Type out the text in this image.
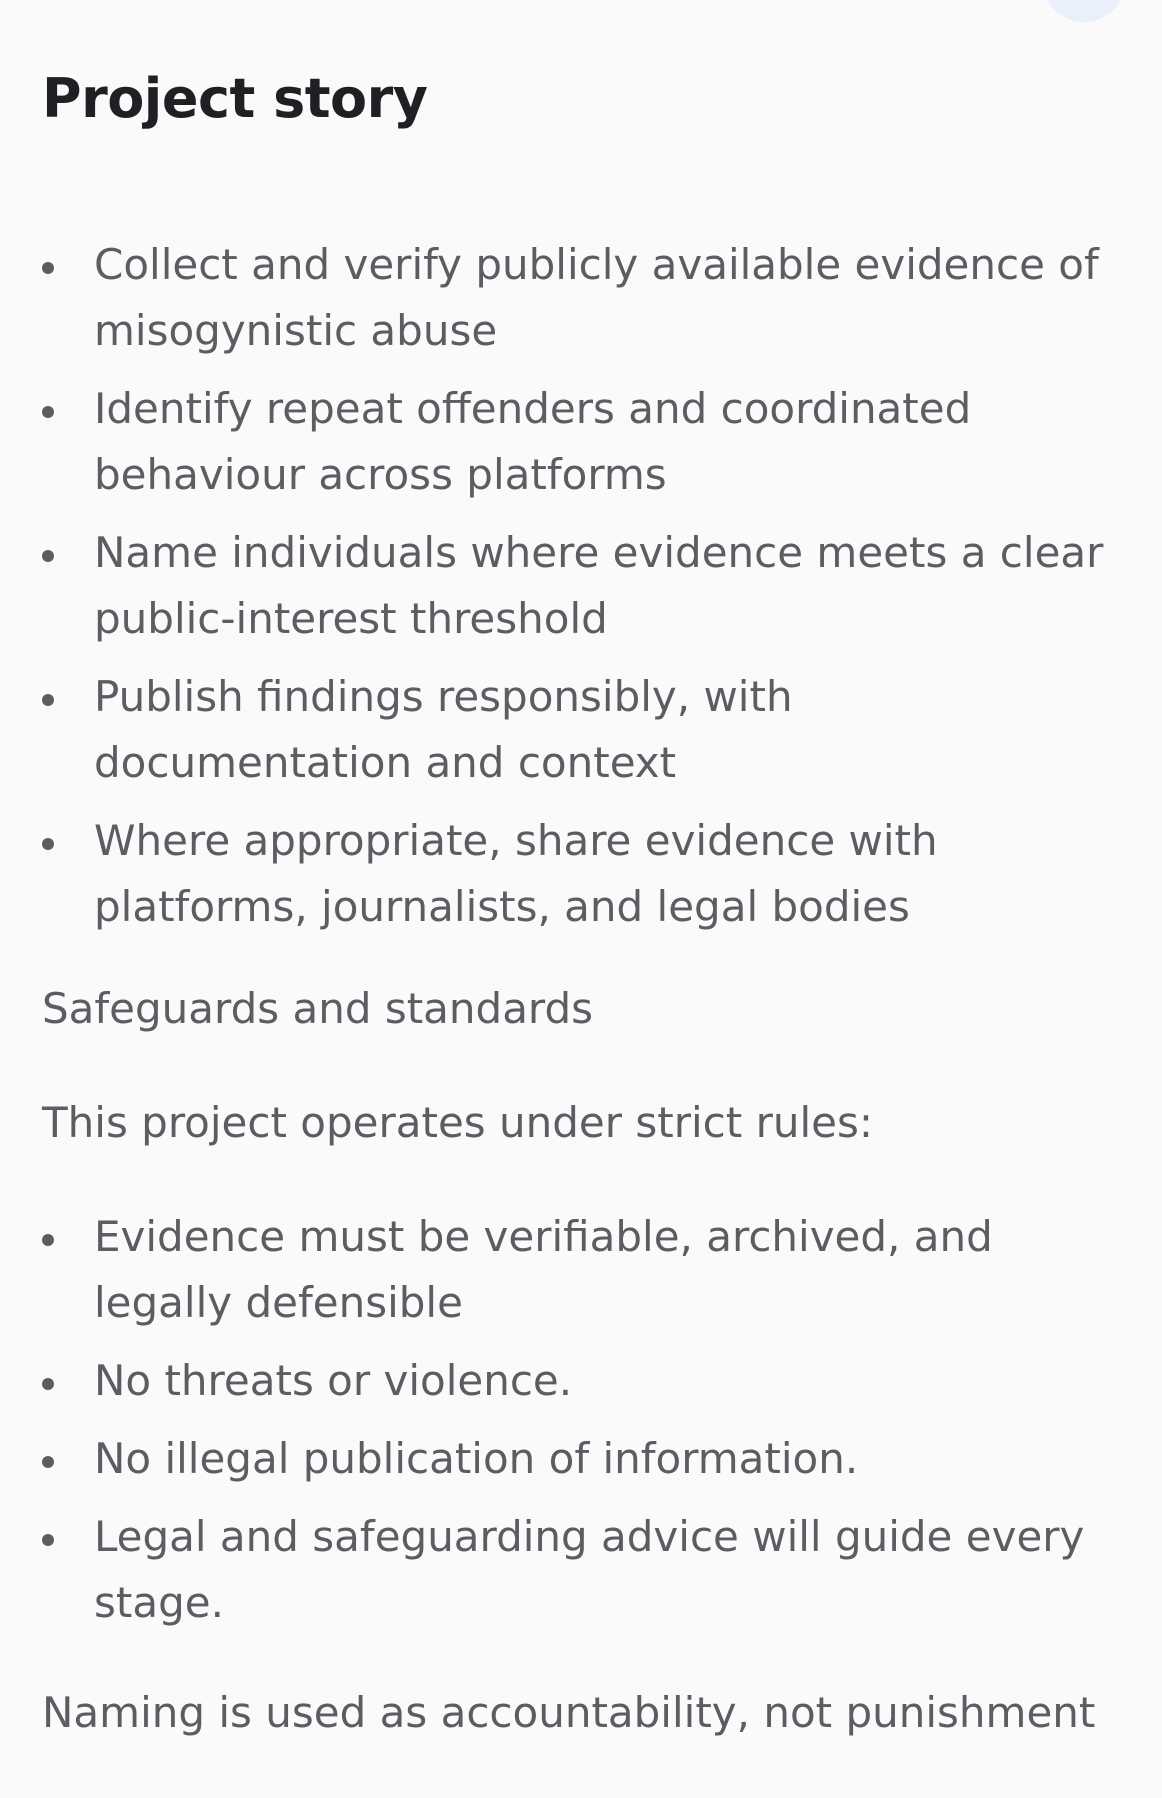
Project story
Collect and verify publicly available evidence of misogynistic abuse
Identify repeat offenders and coordinated behaviour across platforms
Name individuals where evidence meets a clear public-interest threshold
Publish findings responsibly, with documentation and context
Where appropriate, share evidence with platforms, journalists, and legal bodies

Safeguards and standards

This project operates under strict rules:

Evidence must be verifiable, archived, and legally defensible
No threats or violence.
No illegal publication of information.
Legal and safeguarding advice will guide every stage.

Naming is used as accountability, not punishment
